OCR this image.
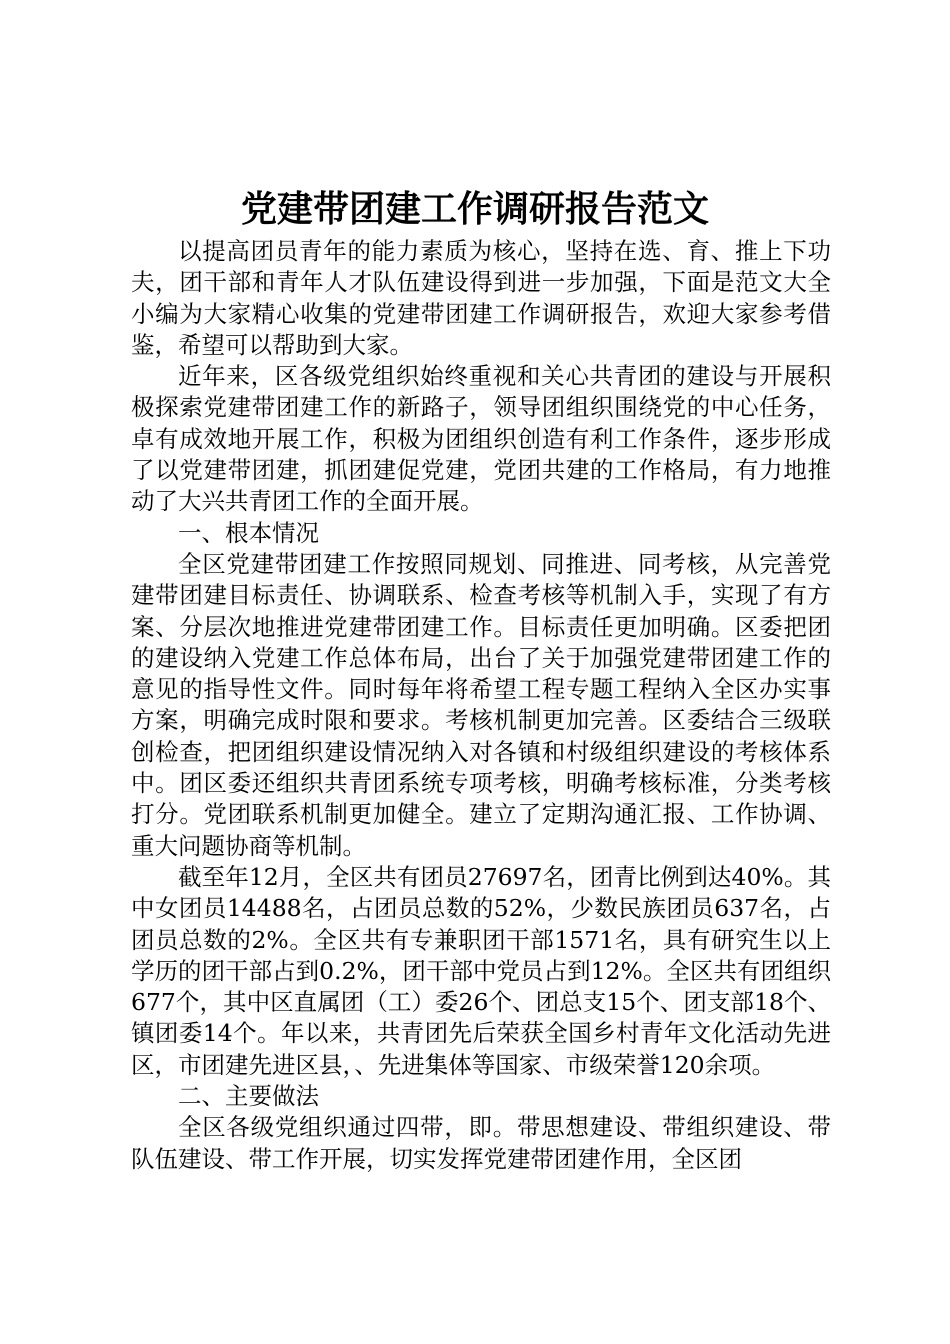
党建带团建工作调研报告范文

以提高团员青年的能力素质为核心，坚持在选、育、推上下功夫，团干部和青年人才队伍建设得到进一步加强，下面是范文大全小编为大家精心收集的党建带团建工作调研报告，欢迎大家参考借鉴，希望可以帮助到大家。

近年来，区各级党组织始终重视和关心共青团的建设与开展积极探索党建带团建工作的新路子，领导团组织围绕党的中心任务，卓有成效地开展工作，积极为团组织创造有利工作条件，逐步形成了以党建带团建，抓团建促党建，党团共建的工作格局，有力地推动了大兴共青团工作的全面开展。

一、根本情况

全区党建带团建工作按照同规划、同推进、同考核，从完善党建带团建目标责任、协调联系、检查考核等机制入手，实现了有方案、分层次地推进党建带团建工作。目标责任更加明确。区委把团的建设纳入党建工作总体布局，出台了关于加强党建带团建工作的意见的指导性文件。同时每年将希望工程专题工程纳入全区办实事方案，明确完成时限和要求。考核机制更加完善。区委结合三级联创检查，把团组织建设情况纳入对各镇和村级组织建设的考核体系中。团区委还组织共青团系统专项考核，明确考核标准，分类考核打分。党团联系机制更加健全。建立了定期沟通汇报、工作协调、重大问题协商等机制。

截至年12月，全区共有团员27697名，团青比例到达40%。其中女团员14488名，占团员总数的52%，少数民族团员637名，占团员总数的2%。全区共有专兼职团干部1571名，具有研究生以上学历的团干部占到0.2%，团干部中党员占到12%。全区共有团组织677个，其中区直属团（工）委26个、团总支15个、团支部18个、镇团委14个。年以来，共青团先后荣获全国乡村青年文化活动先进区，市团建先进区县，、先进集体等国家、市级荣誉120余项。

二、主要做法

全区各级党组织通过四带，即。带思想建设、带组织建设、带队伍建设、带工作开展，切实发挥党建带团建作用，全区团
